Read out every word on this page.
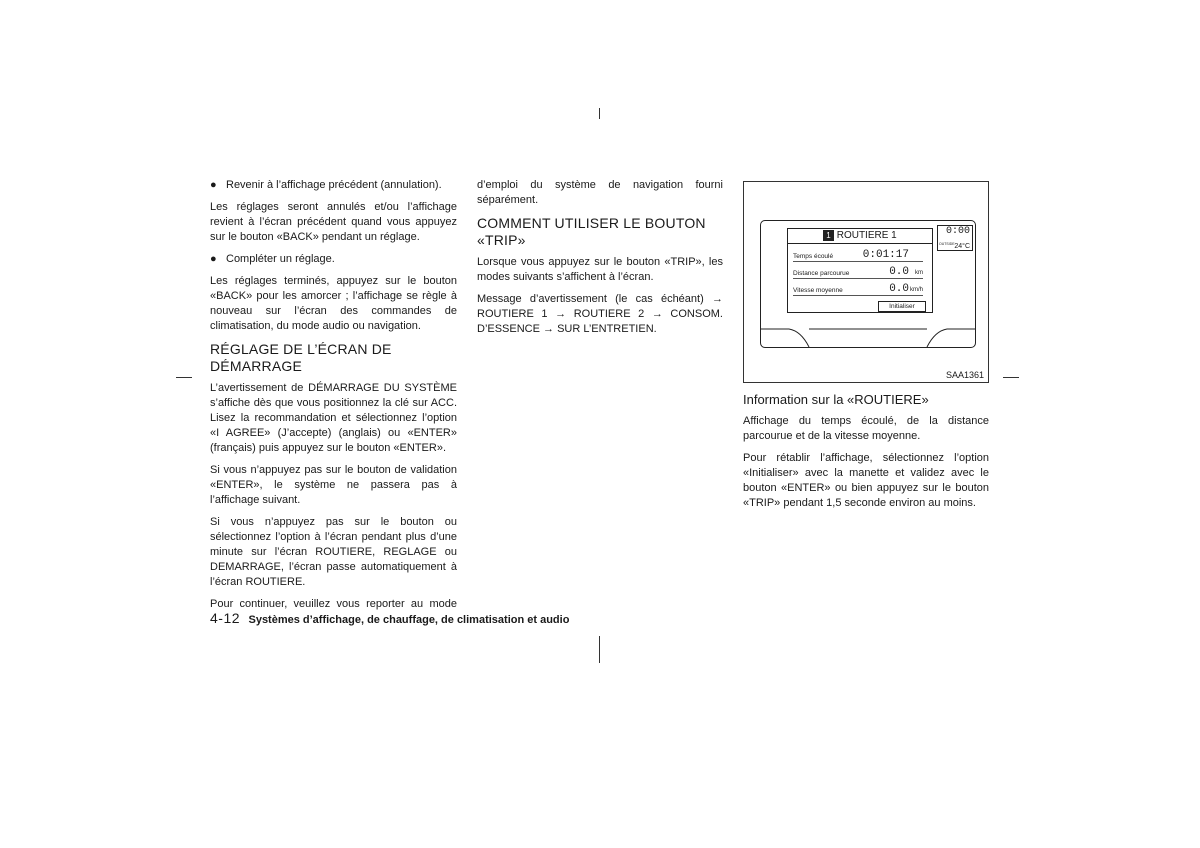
● Revenir à l’affichage précédent (annulation).

Les réglages seront annulés et/ou l’affichage revient à l’écran précédent quand vous appuyez sur le bouton «BACK» pendant un réglage.

● Compléter un réglage.

Les réglages terminés, appuyez sur le bouton «BACK» pour les amorcer ; l’affichage se règle à nouveau sur l’écran des commandes de climatisation, du mode audio ou navigation.

RÉGLAGE DE L’ÉCRAN DE DÉMARRAGE

L’avertissement de DÉMARRAGE DU SYSTÈME s’affiche dès que vous positionnez la clé sur ACC. Lisez la recommandation et sélectionnez l’option «I AGREE» (J’accepte) (anglais) ou «ENTER» (français) puis appuyez sur le bouton «ENTER».

Si vous n’appuyez pas sur le bouton de validation «ENTER», le système ne passera pas à l’affichage suivant.

Si vous n’appuyez pas sur le bouton ou sélectionnez l’option à l’écran pendant plus d’une minute sur l’écran ROUTIERE, REGLAGE ou DEMARRAGE, l’écran passe automatiquement à l’écran ROUTIERE.

Pour continuer, veuillez vous reporter au mode

d’emploi du système de navigation fourni séparément.

COMMENT UTILISER LE BOUTON «TRIP»

Lorsque vous appuyez sur le bouton «TRIP», les modes suivants s’affichent à l’écran.

Message d’avertissement (le cas échéant) → ROUTIERE 1 → ROUTIERE 2 → CONSOM. D’ESSENCE → SUR L’ENTRETIEN.

1 ROUTIERE 1
Temps écoulé	0:01:17
Distance parcourue	0.0 km
Vitesse moyenne	0.0 km/h
Initialiser
0:00
OUTSIDE 24°C
SAA1361
Information sur la «ROUTIERE»

Affichage du temps écoulé, de la distance parcourue et de la vitesse moyenne.

Pour rétablir l’affichage, sélectionnez l’option «Initialiser» avec la manette et validez avec le bouton «ENTER» ou bien appuyez sur le bouton «TRIP» pendant 1,5 seconde environ au moins.

4-12 Systèmes d’affichage, de chauffage, de climatisation et audio
